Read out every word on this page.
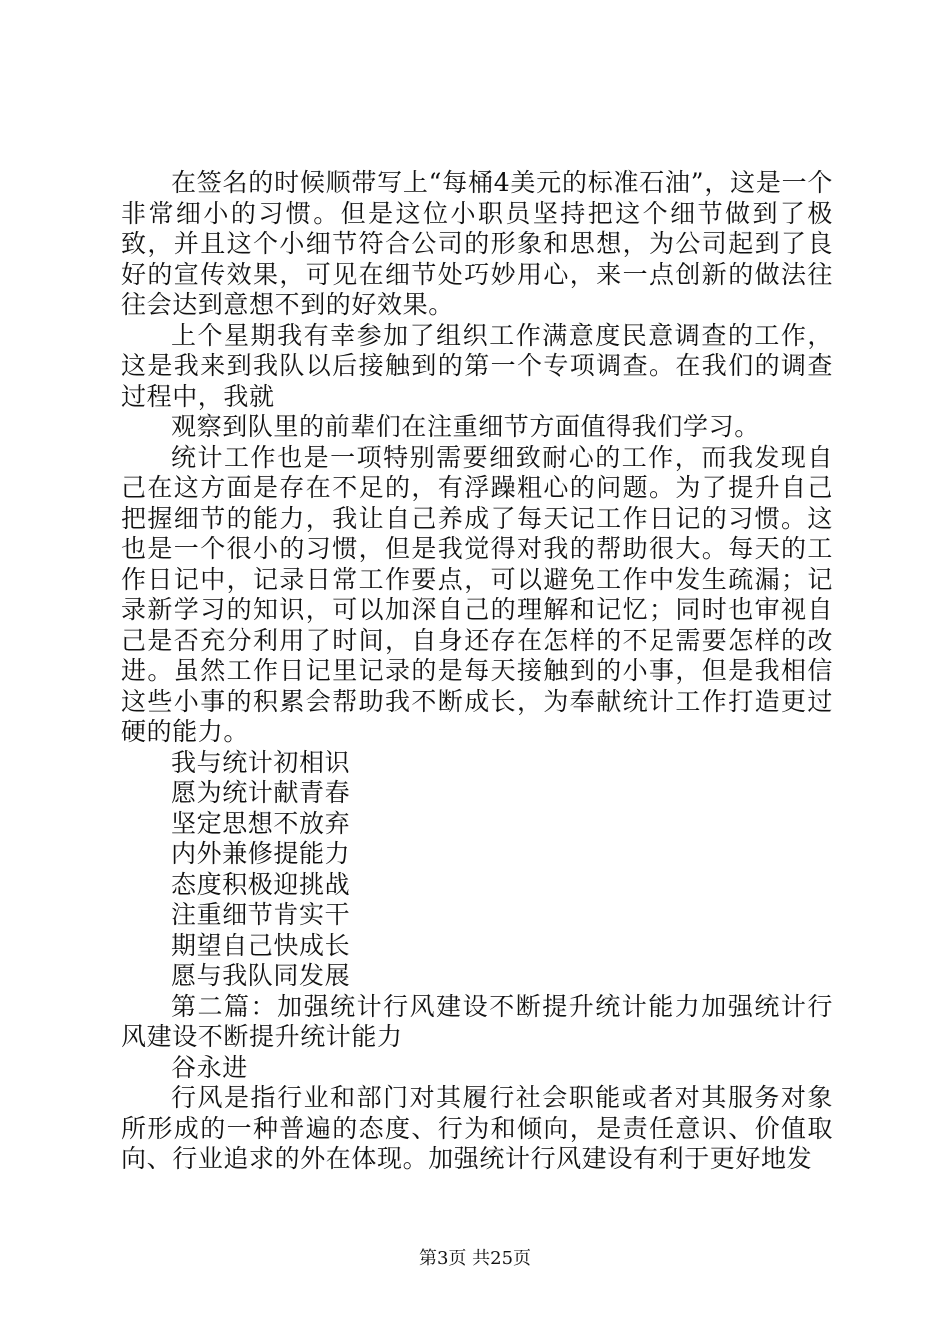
在签名的时候顺带写上“每桶4美元的标准石油”，这是一个非常细小的习惯。但是这位小职员坚持把这个细节做到了极致，并且这个小细节符合公司的形象和思想，为公司起到了良好的宣传效果，可见在细节处巧妙用心，来一点创新的做法往往会达到意想不到的好效果。

上个星期我有幸参加了组织工作满意度民意调查的工作，这是我来到我队以后接触到的第一个专项调查。在我们的调查过程中，我就

观察到队里的前辈们在注重细节方面值得我们学习。

统计工作也是一项特别需要细致耐心的工作，而我发现自己在这方面是存在不足的，有浮躁粗心的问题。为了提升自己把握细节的能力，我让自己养成了每天记工作日记的习惯。这也是一个很小的习惯，但是我觉得对我的帮助很大。每天的工作日记中，记录日常工作要点，可以避免工作中发生疏漏；记录新学习的知识，可以加深自己的理解和记忆；同时也审视自己是否充分利用了时间，自身还存在怎样的不足需要怎样的改进。虽然工作日记里记录的是每天接触到的小事，但是我相信这些小事的积累会帮助我不断成长，为奉献统计工作打造更过硬的能力。

我与统计初相识

愿为统计献青春

坚定思想不放弃

内外兼修提能力

态度积极迎挑战

注重细节肯实干

期望自己快成长

愿与我队同发展

第二篇：加强统计行风建设不断提升统计能力加强统计行风建设不断提升统计能力

谷永进

行风是指行业和部门对其履行社会职能或者对其服务对象所形成的一种普遍的态度、行为和倾向，是责任意识、价值取向、行业追求的外在体现。加强统计行风建设有利于更好地发

第3页 共25页
